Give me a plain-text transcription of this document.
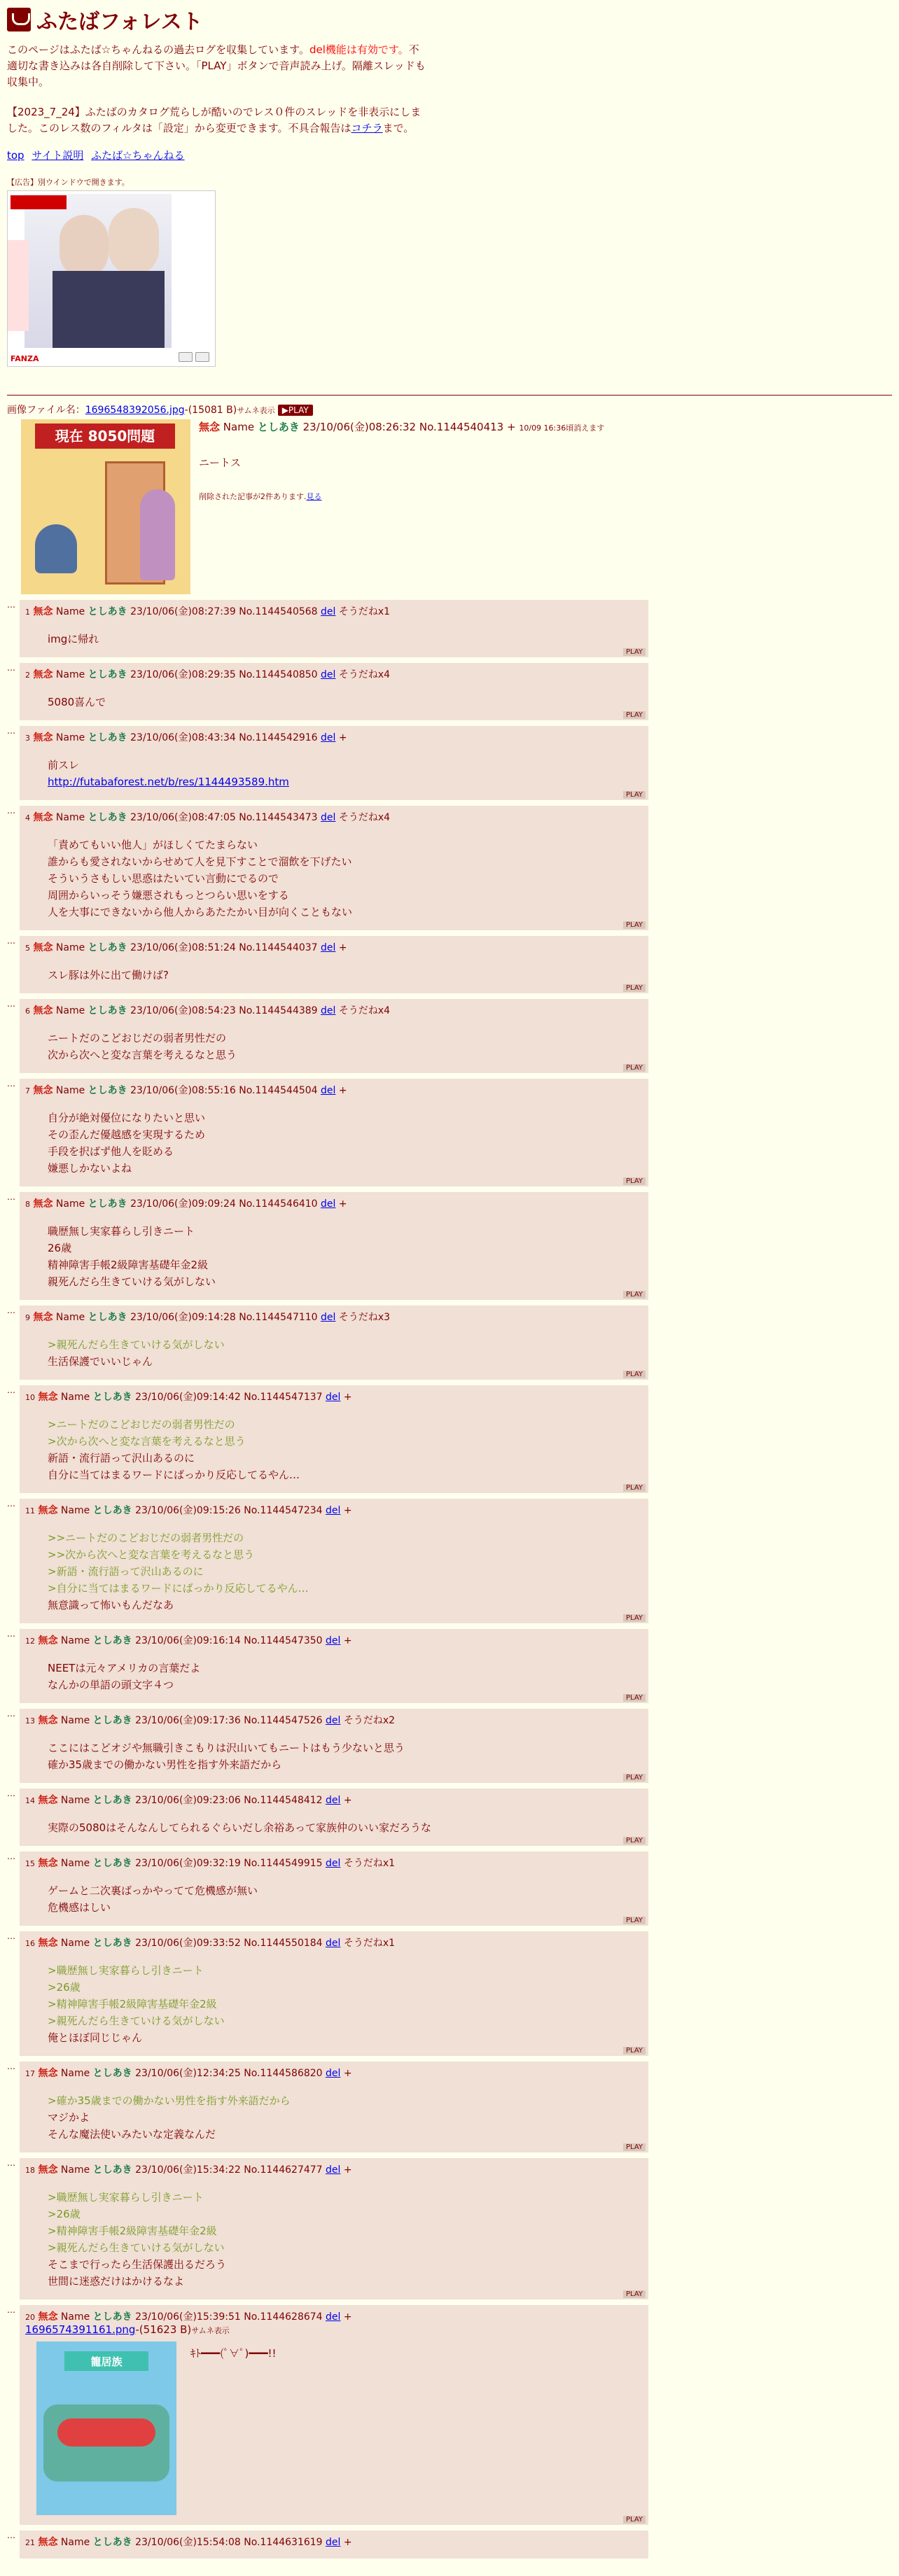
ふたばフォレスト
このページはふたば☆ちゃんねるの過去ログを収集しています。del機能は有効です。不適切な書き込みは各自削除して下さい。「PLAY」ボタンで音声読み上げ。隔離スレッドも収集中。
【2023_7_24】ふたばのカタログ荒らしが酷いのでレス０件のスレッドを非表示にしました。このレス数のフィルタは「設定」から変更できます。不具合報告はコチラまで。
top サイト説明 ふたば☆ちゃんねる
【広告】別ウインドウで開きます。
FANZA
画像ファイル名：1696548392056.jpg-(15081 B)サムネ表示 ▶PLAY
現在 8050問題
無念 Name としあき 23/10/06(金)08:26:32 No.1144540413 + 10/09 16:36頃消えます
ニートス
削除された記事が2件あります.見る
…
1 無念 Name としあき 23/10/06(金)08:27:39 No.1144540568 del そうだねx1
imgに帰れ
PLAY
…
2 無念 Name としあき 23/10/06(金)08:29:35 No.1144540850 del そうだねx4
5080喜んで
PLAY
…
3 無念 Name としあき 23/10/06(金)08:43:34 No.1144542916 del +
前スレ
http://futabaforest.net/b/res/1144493589.htm
PLAY
…
4 無念 Name としあき 23/10/06(金)08:47:05 No.1144543473 del そうだねx4
「責めてもいい他人」がほしくてたまらない
誰からも愛されないからせめて人を見下すことで溜飲を下げたい
そういうさもしい思惑はたいてい言動にでるので
周囲からいっそう嫌悪されもっとつらい思いをする
人を大事にできないから他人からあたたかい目が向くこともない
PLAY
…
5 無念 Name としあき 23/10/06(金)08:51:24 No.1144544037 del +
スレ豚は外に出て働けば?
PLAY
…
6 無念 Name としあき 23/10/06(金)08:54:23 No.1144544389 del そうだねx4
ニートだのこどおじだの弱者男性だの
次から次へと変な言葉を考えるなと思う
PLAY
…
7 無念 Name としあき 23/10/06(金)08:55:16 No.1144544504 del +
自分が絶対優位になりたいと思い
その歪んだ優越感を実現するため
手段を択ばず他人を貶める
嫌悪しかないよね
PLAY
…
8 無念 Name としあき 23/10/06(金)09:09:24 No.1144546410 del +
職歴無し実家暮らし引きニート
26歳
精神障害手帳2級障害基礎年金2級
親死んだら生きていける気がしない
PLAY
…
9 無念 Name としあき 23/10/06(金)09:14:28 No.1144547110 del そうだねx3
>親死んだら生きていける気がしない
生活保護でいいじゃん
PLAY
…
10 無念 Name としあき 23/10/06(金)09:14:42 No.1144547137 del +
>ニートだのこどおじだの弱者男性だの
>次から次へと変な言葉を考えるなと思う
新語・流行語って沢山あるのに
自分に当てはまるワードにばっかり反応してるやん…
PLAY
…
11 無念 Name としあき 23/10/06(金)09:15:26 No.1144547234 del +
>>ニートだのこどおじだの弱者男性だの
>>次から次へと変な言葉を考えるなと思う
>新語・流行語って沢山あるのに
>自分に当てはまるワードにばっかり反応してるやん…
無意識って怖いもんだなあ
PLAY
…
12 無念 Name としあき 23/10/06(金)09:16:14 No.1144547350 del +
NEETは元々アメリカの言葉だよ
なんかの単語の頭文字４つ
PLAY
…
13 無念 Name としあき 23/10/06(金)09:17:36 No.1144547526 del そうだねx2
ここにはこどオジや無職引きこもりは沢山いてもニートはもう少ないと思う
確か35歳までの働かない男性を指す外来語だから
PLAY
…
14 無念 Name としあき 23/10/06(金)09:23:06 No.1144548412 del +
実際の5080はそんなんしてられるぐらいだし余裕あって家族仲のいい家だろうな
PLAY
…
15 無念 Name としあき 23/10/06(金)09:32:19 No.1144549915 del そうだねx1
ゲームと二次裏ばっかやってて危機感が無い
危機感はしい
PLAY
…
16 無念 Name としあき 23/10/06(金)09:33:52 No.1144550184 del そうだねx1
>職歴無し実家暮らし引きニート
>26歳
>精神障害手帳2級障害基礎年金2級
>親死んだら生きていける気がしない
俺とほぼ同じじゃん
PLAY
…
17 無念 Name としあき 23/10/06(金)12:34:25 No.1144586820 del +
>確か35歳までの働かない男性を指す外来語だから
マジかよ
そんな魔法使いみたいな定義なんだ
PLAY
…
18 無念 Name としあき 23/10/06(金)15:34:22 No.1144627477 del +
>職歴無し実家暮らし引きニート
>26歳
>精神障害手帳2級障害基礎年金2級
>親死んだら生きていける気がしない
そこまで行ったら生活保護出るだろう
世間に迷惑だけはかけるなよ
PLAY
…
20 無念 Name としあき 23/10/06(金)15:39:51 No.1144628674 del +
1696574391161.png-(51623 B)サムネ表示
籠居族
ｷﾄ━━━(ﾟ∀ﾟ)━━━!!
PLAY
…
21 無念 Name としあき 23/10/06(金)15:54:08 No.1144631619 del +
